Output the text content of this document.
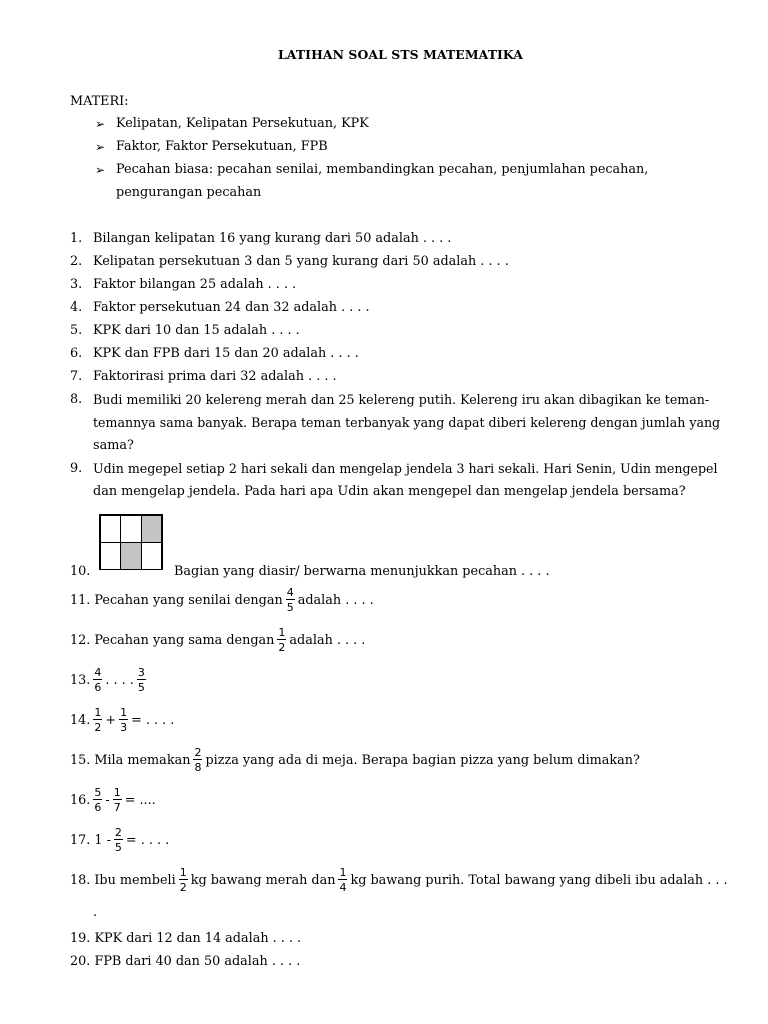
LATIHAN SOAL STS MATEMATIKA
MATERI:
➢ Kelipatan, Kelipatan Persekutuan, KPK
➢ Faktor, Faktor Persekutuan, FPB
➢ Pecahan biasa: pecahan senilai, membandingkan pecahan, penjumlahan pecahan,
pengurangan pecahan
1. Bilangan kelipatan 16 yang kurang dari 50 adalah . . . .
2. Kelipatan persekutuan 3 dan 5 yang kurang dari 50 adalah . . . .
3. Faktor bilangan 25 adalah . . . .
4. Faktor persekutuan 24 dan 32 adalah . . . .
5. KPK dari 10 dan 15 adalah . . . .
6. KPK dan FPB dari 15 dan 20 adalah . . . .
7. Faktorirasi prima dari 32 adalah . . . .
8. Budi memiliki 20 kelereng merah dan 25 kelereng putih. Kelereng iru akan dibagikan ke teman-
temannya sama banyak. Berapa teman terbanyak yang dapat diberi kelereng dengan jumlah yang
sama?
9. Udin megepel setiap 2 hari sekali dan mengelap jendela 3 hari sekali. Hari Senin, Udin mengepel
dan mengelap jendela. Pada hari apa Udin akan mengepel dan mengelap jendela bersama?
10.	Bagian yang diasir/ berwarna menunjukkan pecahan . . . .
11. Pecahan yang senilai dengan $\frac{4}{5}$ adalah . . . .
12. Pecahan yang sama dengan $\frac{1}{2}$ adalah . . . .
13. $\frac{4}{6}$ . . . . $\frac{3}{5}$
14. $\frac{1}{2} + \frac{1}{3}$ = . . . .
15. Mila memakan $\frac{2}{8}$ pizza yang ada di meja. Berapa bagian pizza yang belum dimakan?
16. $\frac{5}{6} - \frac{1}{7}$ = ....
17. $1 - \frac{2}{5}$ = . . . .
18. Ibu membeli $\frac{1}{2}$ kg bawang merah dan $\frac{1}{4}$ kg bawang purih. Total bawang yang dibeli ibu adalah . . .
.
19. KPK dari 12 dan 14 adalah . . . .
20. FPB dari 40 dan 50 adalah . . . .
